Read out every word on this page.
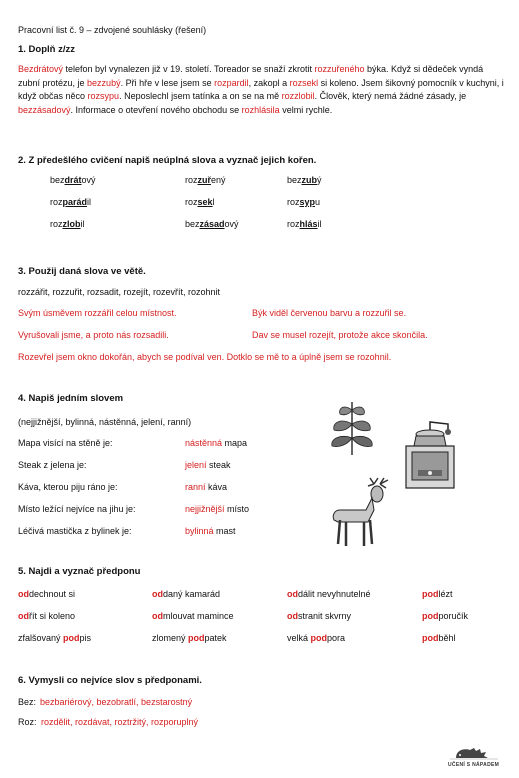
Pracovní list č. 9 – zdvojené souhlásky (řešení)
1. Doplň z/zz
Bezdrátový telefon byl vynalezen již v 19. století. Toreador se snaží zkrotit rozzuřeného býka. Když si dědeček vyndá zubní protézu, je bezzubý. Při hře v lese jsem se rozpardil, zakopl a rozsekl si koleno. Jsem šikovný pomocník v kuchyni, i když občas něco rozsypu. Neposlechl jsem tatínka a on se na mě rozzlobil. Člověk, který nemá žádné zásady, je bezzásadový. Informace o otevření nového obchodu se rozhlásila velmi rychle.
2. Z předešlého cvičení napiš neúplná slova a vyznač jejich kořen.
bezdrátový	rozzuřený	bezzubý
rozparádil	rozsekl	rozsypu
rozzlobil	bezzásadový	rozhlásil
3. Použij daná slova ve větě.
rozzářit, rozzuřit, rozsadit, rozejít, rozevřít, rozohnit
Svým úsměvem rozzářil celou místnost.	Býk viděl červenou barvu a rozzuřil se.
Vyrušovali jsme, a proto nás rozsadili.	Dav se musel rozejít, protože akce skončila.
Rozevřel jsem okno dokořán, abych se podíval ven. Dotklo se mě to a úplně jsem se rozohnil.
4. Napiš jedním slovem
(nejjižnější, bylinná, nástěnná, jelení, ranní)
Mapa visící na stěně je:	nástěnná mapa
Steak z jelena je:	jelení steak
Káva, kterou piju ráno je:	ranní káva
Místo ležící nejvíce na jihu je:	nejjižnější místo
Léčivá mastička z bylinek je:	bylinná mast
5. Najdi a vyznač předponu
oddechnout si	oddaný kamarád	oddálit nevyhnutelné	podlézt
odřít si koleno	odmlouvat mamince	odstranit skvrny	podporučík
zfalšovaný podpis	zlomený podpatek	velká podpora	podběhl
6. Vymysli co nejvíce slov s předponami.
Bez: bezbariérový, bezobratlí, bezstarostný
Roz: rozdělit, rozdávat, roztržitý, rozporuplný
UČENÍ S NÁPADEM
